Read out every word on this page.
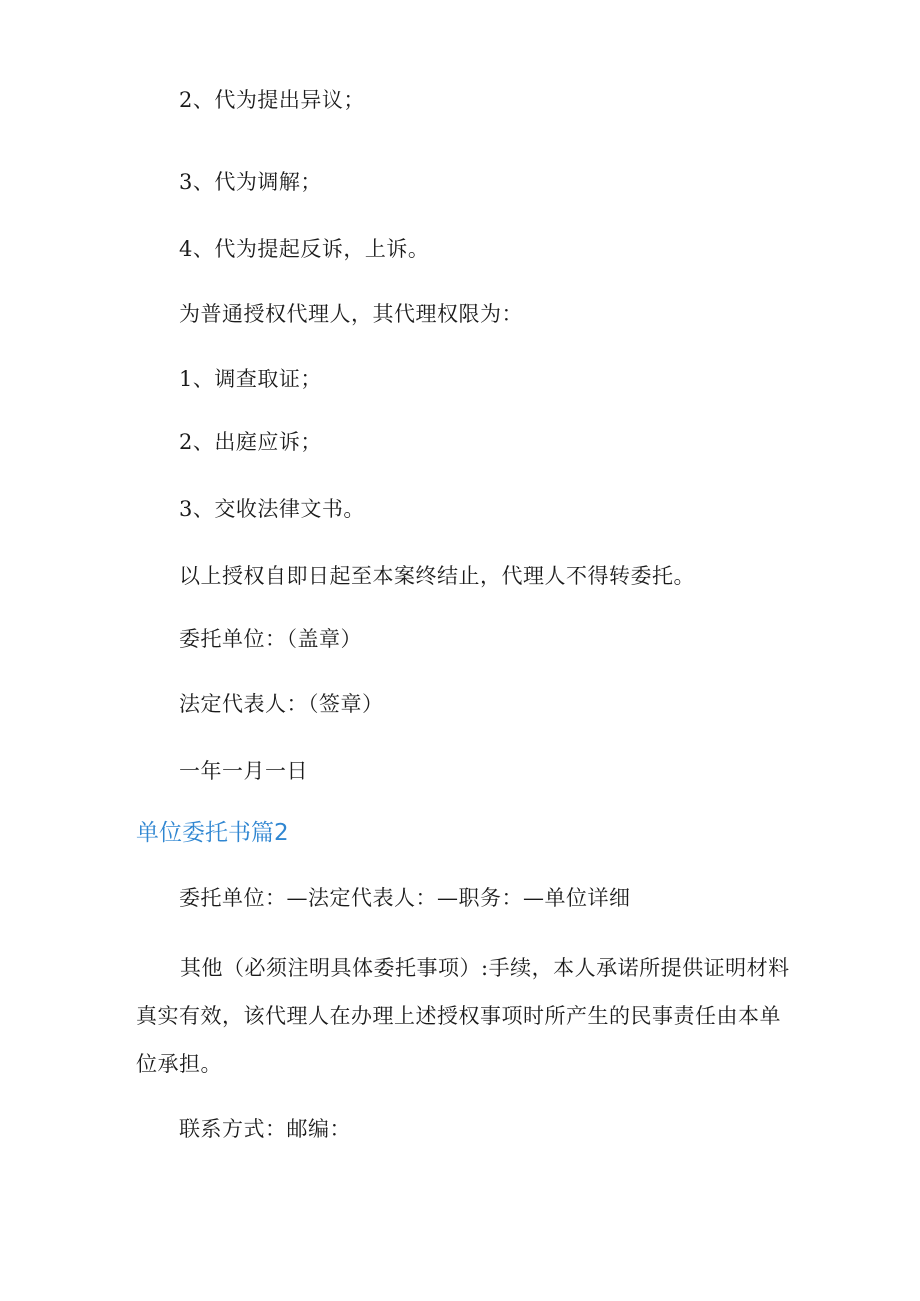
2、代为提出异议；
3、代为调解；
4、代为提起反诉，上诉。
为普通授权代理人，其代理权限为：
1、调查取证；
2、出庭应诉；
3、交收法律文书。
以上授权自即日起至本案终结止，代理人不得转委托。
委托单位：（盖章）
法定代表人：（签章）
一年一月一日
单位委托书篇2
委托单位：—法定代表人：—职务：—单位详细
其他（必须注明具体委托事项）:手续，本人承诺所提供证明材料真实有效，该代理人在办理上述授权事项时所产生的民事责任由本单位承担。
联系方式：邮编：
